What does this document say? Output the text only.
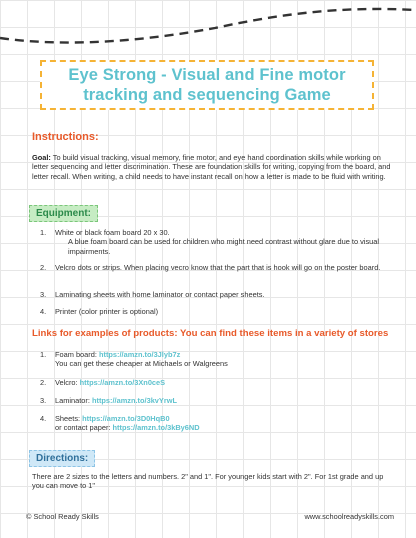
Eye Strong - Visual and Fine motor tracking and sequencing Game
Instructions:
Goal: To build visual tracking, visual memory, fine motor, and eye hand coordination skills while working on letter sequencing and letter discrimination. These are foundation skills for writing, copying from the board, and letter recall. When writing, a child needs to have instant recall on how a letter is made to be fluid with writing.
Equipment:
1. White or black foam board 20 x 30.
A blue foam board can be used for children who might need contrast without glare due to visual impairments.
2. Velcro dots or strips. When placing vecro know that the part that is hook will go on the poster board.
3. Laminating sheets with home laminator or contact paper sheets.
4. Printer (color printer is optional)
Links for examples of products: You can find these items in a variety of stores
1. Foam board: https://amzn.to/3Jlyb7z
You can get these cheaper at Michaels or Walgreens
2. Velcro: https://amzn.to/3Xn0ceS
3. Laminator: https://amzn.to/3kvYrwL
4. Sheets: https://amzn.to/3D0HqB0
or contact paper: https://amzn.to/3kBy6ND
Directions:
There are 2 sizes to the letters and numbers. 2" and 1". For younger kids start with 2". For 1st grade and up you can move to 1"
© School Ready Skills	www.schoolreadyskills.com
